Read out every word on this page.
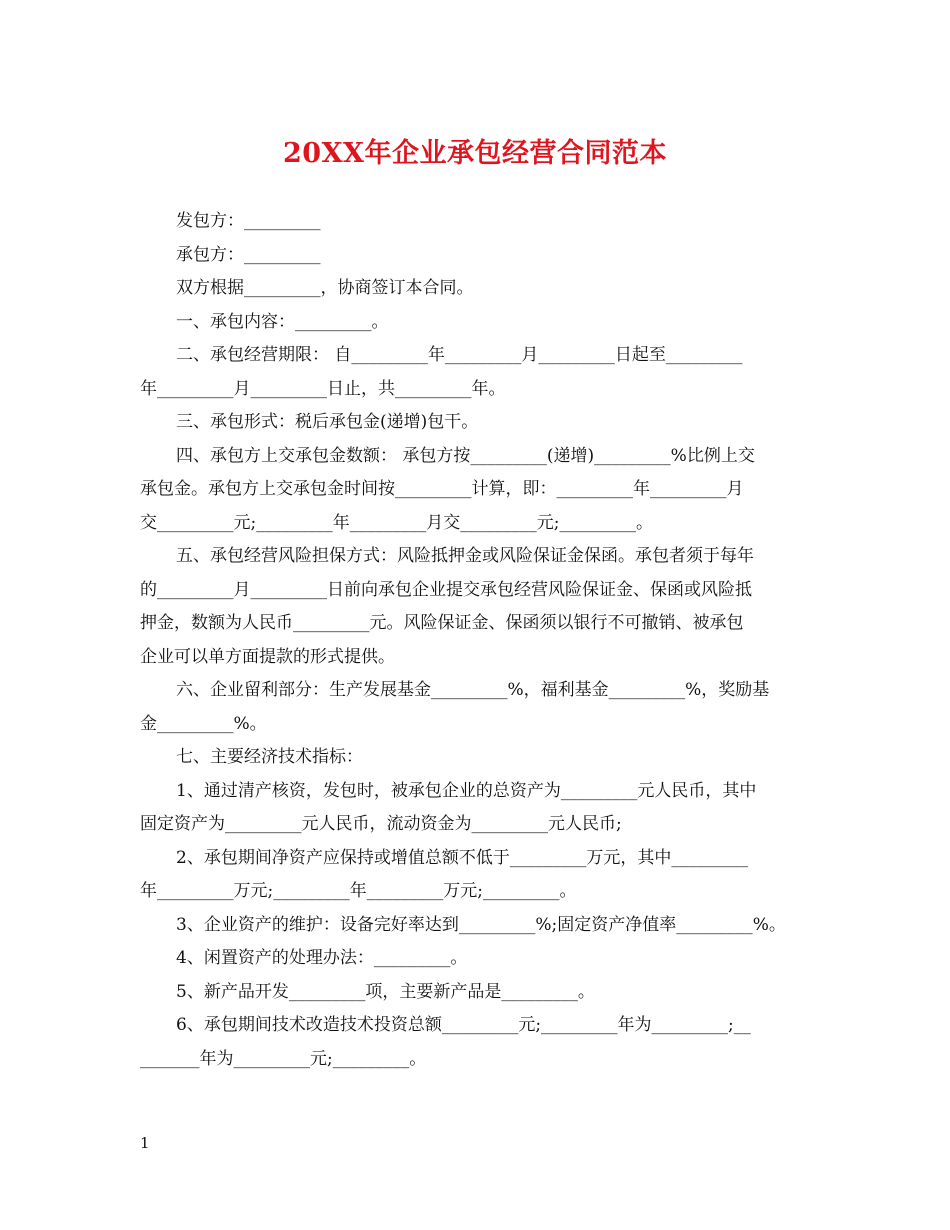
20XX年企业承包经营合同范本
发包方：_________
承包方：_________
双方根据_________，协商签订本合同。
一、承包内容：_________。
二、承包经营期限： 自_________年_________月_________日起至_________
年_________月_________日止，共_________年。
三、承包形式：税后承包金(递增)包干。
四、承包方上交承包金数额： 承包方按_________(递增)_________%比例上交
承包金。承包方上交承包金时间按_________计算，即：_________年_________月
交_________元;_________年_________月交_________元;_________。
五、承包经营风险担保方式：风险抵押金或风险保证金保函。承包者须于每年
的_________月_________日前向承包企业提交承包经营风险保证金、保函或风险抵
押金，数额为人民币_________元。风险保证金、保函须以银行不可撤销、被承包
企业可以单方面提款的形式提供。
六、企业留利部分：生产发展基金_________%，福利基金_________%，奖励基
金_________%。
七、主要经济技术指标：
1、通过清产核资，发包时，被承包企业的总资产为_________元人民币，其中
固定资产为_________元人民币，流动资金为_________元人民币;
2、承包期间净资产应保持或增值总额不低于_________万元，其中_________
年_________万元;_________年_________万元;_________。
3、企业资产的维护：设备完好率达到_________%;固定资产净值率_________%。
4、闲置资产的处理办法：_________。
5、新产品开发_________项，主要新产品是_________。
6、承包期间技术改造技术投资总额_________元;_________年为_________;__
_______年为_________元;_________。
1
